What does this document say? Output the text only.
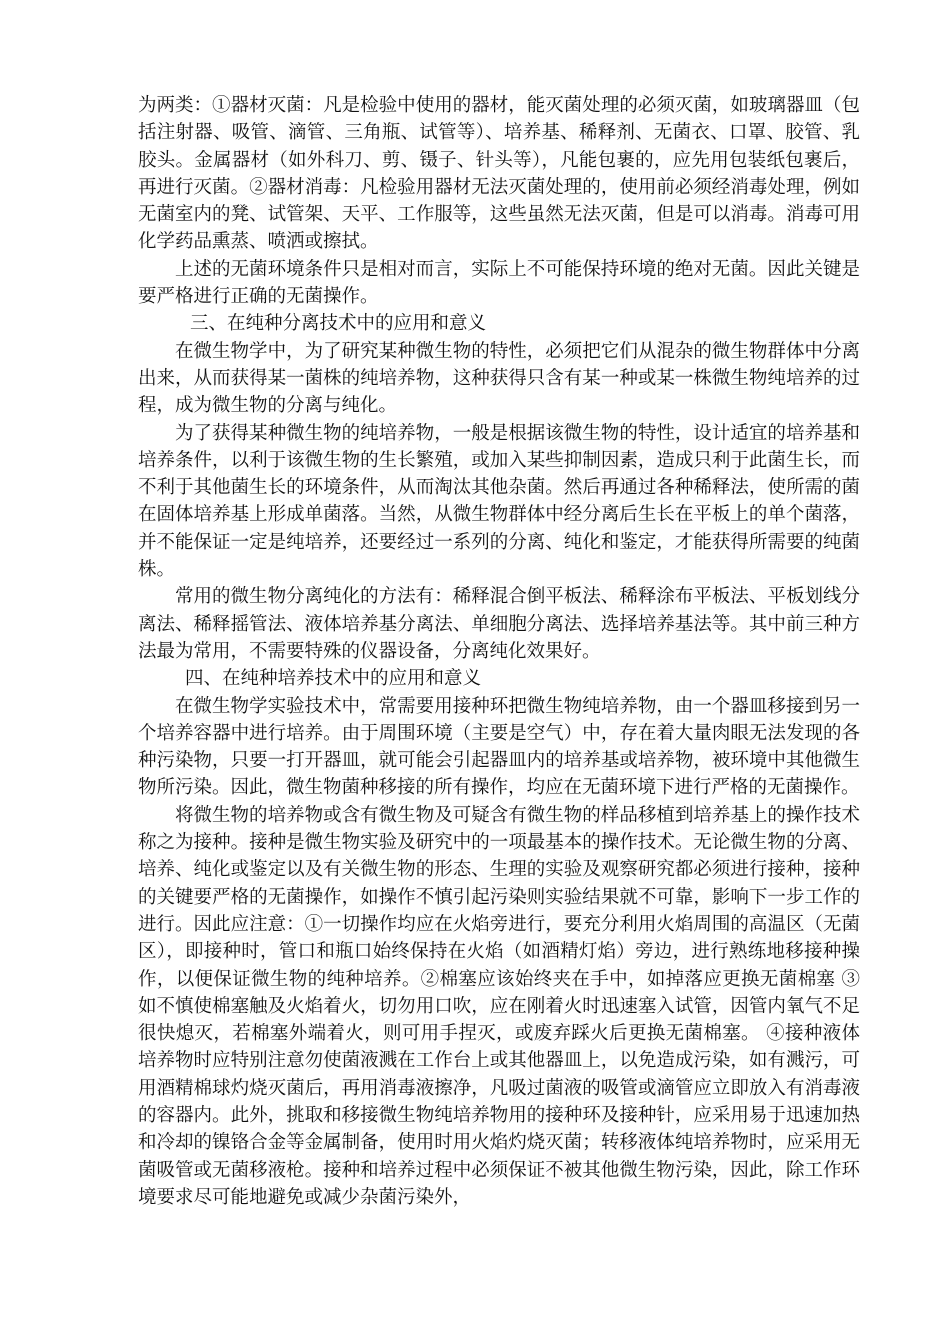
为两类：①器材灭菌：凡是检验中使用的器材，能灭菌处理的必须灭菌，如玻璃器皿（包括注射器、吸管、滴管、三角瓶、试管等）、培养基、稀释剂、无菌衣、口罩、胶管、乳胶头。金属器材（如外科刀、剪、镊子、针头等），凡能包裹的，应先用包装纸包裹后，再进行灭菌。②器材消毒：凡检验用器材无法灭菌处理的，使用前必须经消毒处理，例如无菌室内的凳、试管架、天平、工作服等，这些虽然无法灭菌，但是可以消毒。消毒可用化学药品熏蒸、喷洒或擦拭。

上述的无菌环境条件只是相对而言，实际上不可能保持环境的绝对无菌。因此关键是要严格进行正确的无菌操作。

三、在纯种分离技术中的应用和意义

在微生物学中，为了研究某种微生物的特性，必须把它们从混杂的微生物群体中分离出来，从而获得某一菌株的纯培养物，这种获得只含有某一种或某一株微生物纯培养的过程，成为微生物的分离与纯化。

为了获得某种微生物的纯培养物，一般是根据该微生物的特性，设计适宜的培养基和培养条件，以利于该微生物的生长繁殖，或加入某些抑制因素，造成只利于此菌生长，而不利于其他菌生长的环境条件，从而淘汰其他杂菌。然后再通过各种稀释法，使所需的菌在固体培养基上形成单菌落。当然，从微生物群体中经分离后生长在平板上的单个菌落，并不能保证一定是纯培养，还要经过一系列的分离、纯化和鉴定，才能获得所需要的纯菌株。

常用的微生物分离纯化的方法有：稀释混合倒平板法、稀释涂布平板法、平板划线分离法、稀释摇管法、液体培养基分离法、单细胞分离法、选择培养基法等。其中前三种方法最为常用，不需要特殊的仪器设备，分离纯化效果好。

四、在纯种培养技术中的应用和意义

在微生物学实验技术中，常需要用接种环把微生物纯培养物，由一个器皿移接到另一个培养容器中进行培养。由于周围环境（主要是空气）中，存在着大量肉眼无法发现的各种污染物，只要一打开器皿，就可能会引起器皿内的培养基或培养物，被环境中其他微生物所污染。因此，微生物菌种移接的所有操作，均应在无菌环境下进行严格的无菌操作。

将微生物的培养物或含有微生物及可疑含有微生物的样品移植到培养基上的操作技术称之为接种。接种是微生物实验及研究中的一项最基本的操作技术。无论微生物的分离、培养、纯化或鉴定以及有关微生物的形态、生理的实验及观察研究都必须进行接种，接种的关键要严格的无菌操作，如操作不慎引起污染则实验结果就不可靠，影响下一步工作的进行。因此应注意：①一切操作均应在火焰旁进行，要充分利用火焰周围的高温区（无菌区），即接种时，管口和瓶口始终保持在火焰（如酒精灯焰）旁边，进行熟练地移接种操作，以便保证微生物的纯种培养。②棉塞应该始终夹在手中，如掉落应更换无菌棉塞 ③如不慎使棉塞触及火焰着火，切勿用口吹，应在刚着火时迅速塞入试管，因管内氧气不足很快熄灭，若棉塞外端着火，则可用手捏灭，或废弃踩火后更换无菌棉塞。 ④接种液体培养物时应特别注意勿使菌液溅在工作台上或其他器皿上，以免造成污染，如有溅污，可用酒精棉球灼烧灭菌后，再用消毒液擦净，凡吸过菌液的吸管或滴管应立即放入有消毒液的容器内。此外，挑取和移接微生物纯培养物用的接种环及接种针，应采用易于迅速加热和冷却的镍铬合金等金属制备，使用时用火焰灼烧灭菌；转移液体纯培养物时，应采用无菌吸管或无菌移液枪。接种和培养过程中必须保证不被其他微生物污染，因此，除工作环境要求尽可能地避免或减少杂菌污染外，
